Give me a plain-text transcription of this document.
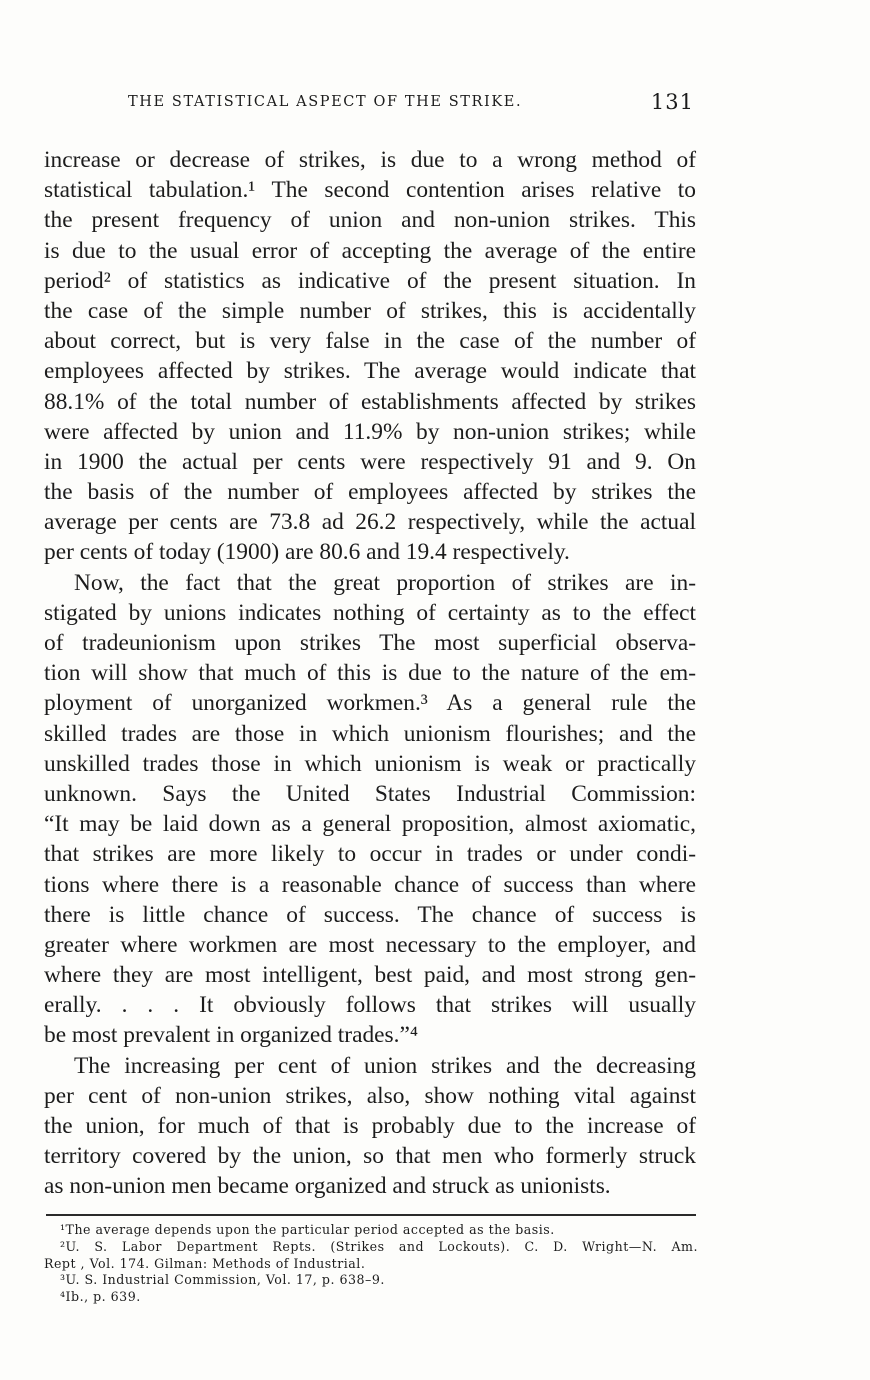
THE STATISTICAL ASPECT OF THE STRIKE.	131
increase or decrease of strikes, is due to a wrong method of
statistical tabulation.¹ The second contention arises relative to
the present frequency of union and non-union strikes. This
is due to the usual error of accepting the average of the entire
period² of statistics as indicative of the present situation. In
the case of the simple number of strikes, this is accidentally
about correct, but is very false in the case of the number of
employees affected by strikes. The average would indicate that
88.1% of the total number of establishments affected by strikes
were affected by union and 11.9% by non-union strikes; while
in 1900 the actual per cents were respectively 91 and 9. On
the basis of the number of employees affected by strikes the
average per cents are 73.8 ad 26.2 respectively, while the actual
per cents of today (1900) are 80.6 and 19.4 respectively.
Now, the fact that the great proportion of strikes are in-
stigated by unions indicates nothing of certainty as to the effect
of tradeunionism upon strikes The most superficial observa-
tion will show that much of this is due to the nature of the em-
ployment of unorganized workmen.³ As a general rule the
skilled trades are those in which unionism flourishes; and the
unskilled trades those in which unionism is weak or practically
unknown. Says the United States Industrial Commission:
“It may be laid down as a general proposition, almost axiomatic,
that strikes are more likely to occur in trades or under condi-
tions where there is a reasonable chance of success than where
there is little chance of success. The chance of success is
greater where workmen are most necessary to the employer, and
where they are most intelligent, best paid, and most strong gen-
erally. . . . It obviously follows that strikes will usually
be most prevalent in organized trades.”⁴
The increasing per cent of union strikes and the decreasing
per cent of non-union strikes, also, show nothing vital against
the union, for much of that is probably due to the increase of
territory covered by the union, so that men who formerly struck
as non-union men became organized and struck as unionists.
¹The average depends upon the particular period accepted as the basis.
²U. S. Labor Department Repts. (Strikes and Lockouts). C. D. Wright—N. Am.
Rept , Vol. 174. Gilman: Methods of Industrial.
³U. S. Industrial Commission, Vol. 17, p. 638–9.
⁴Ib., p. 639.
